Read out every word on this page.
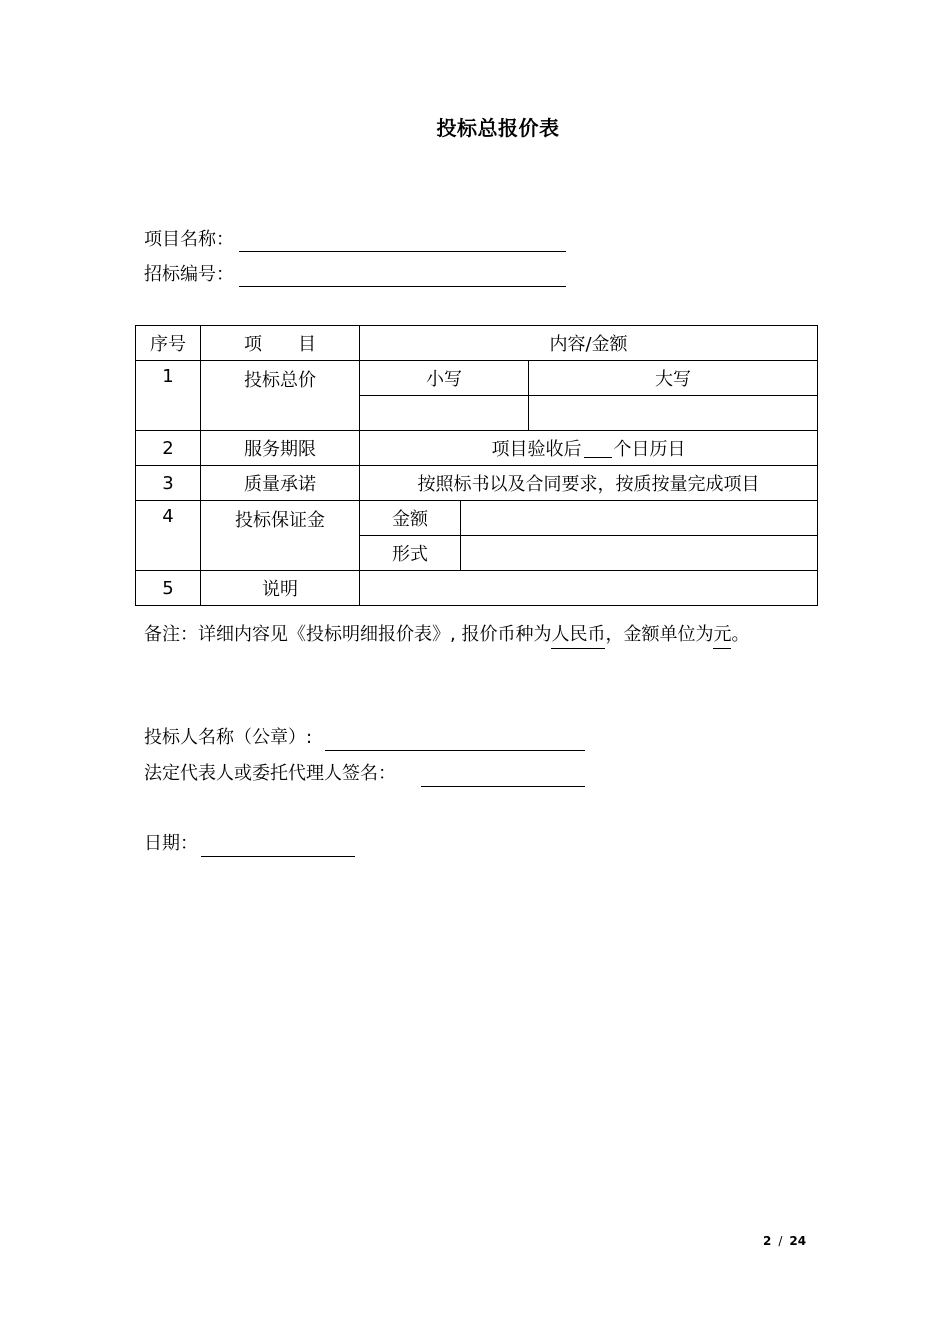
投标总报价表
项目名称：
招标编号：
序号	项　　目	内容/金额		
1	投标总价	小写		大写

2	服务期限	项目验收后 个日历日		
3	质量承诺	按照标书以及合同要求，按质按量完成项目		
4	投标保证金	金额		
		形式		
5	说明			
备注：详细内容见《投标明细报价表》, 报价币种为人民币，金额单位为元。
投标人名称（公章）:
法定代表人或委托代理人签名：
日期：
2 / 24
